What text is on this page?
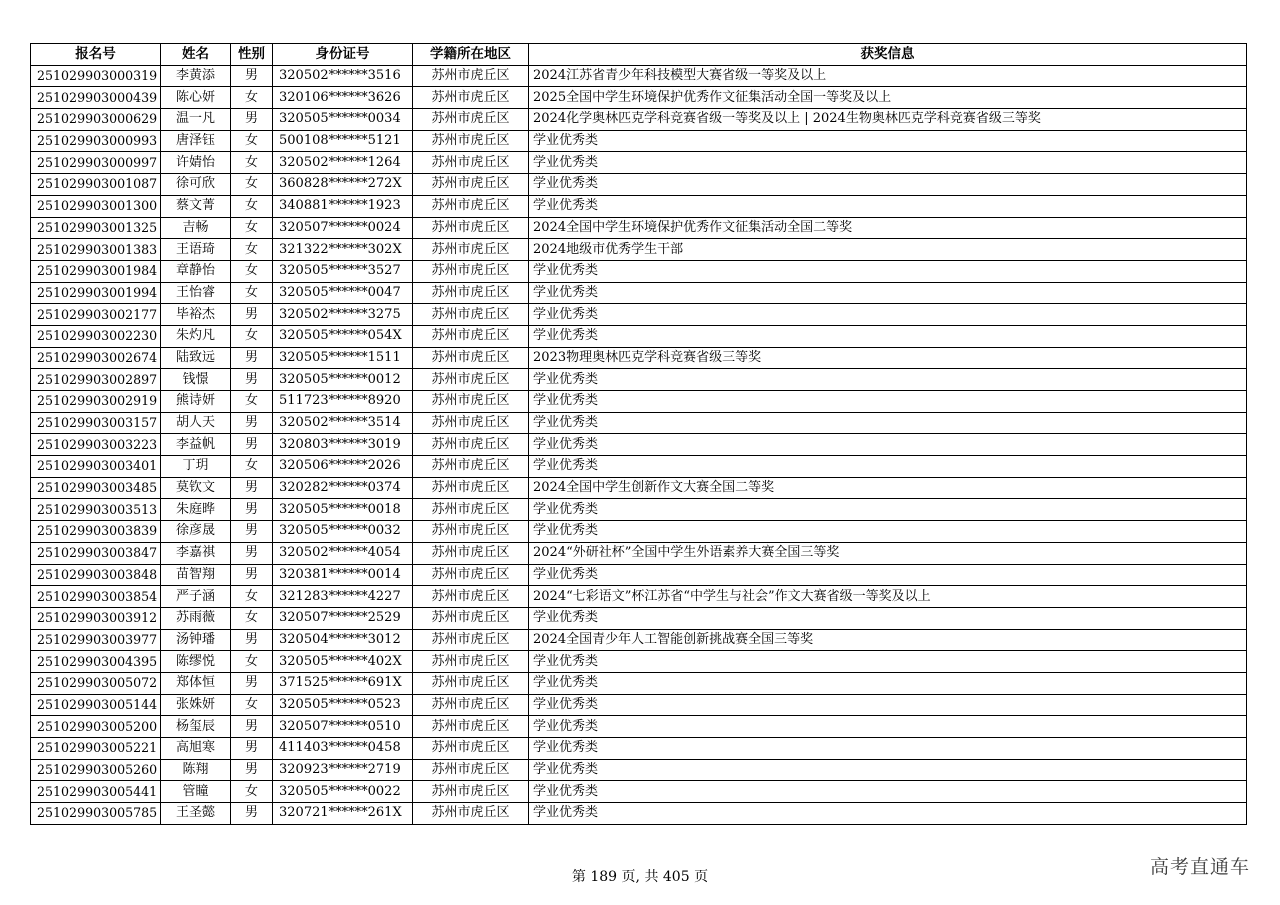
报名号	姓名	性别	身份证号	学籍所在地区	获奖信息
251029903000319	李黄添	男	320502******3516	苏州市虎丘区	2024江苏省青少年科技模型大赛省级一等奖及以上
251029903000439	陈心妍	女	320106******3626	苏州市虎丘区	2025全国中学生环境保护优秀作文征集活动全国一等奖及以上
251029903000629	温一凡	男	320505******0034	苏州市虎丘区	2024化学奥林匹克学科竞赛省级一等奖及以上 | 2024生物奥林匹克学科竞赛省级三等奖
251029903000993	唐泽钰	女	500108******5121	苏州市虎丘区	学业优秀类
251029903000997	许婧怡	女	320502******1264	苏州市虎丘区	学业优秀类
251029903001087	徐可欣	女	360828******272X	苏州市虎丘区	学业优秀类
251029903001300	蔡文菁	女	340881******1923	苏州市虎丘区	学业优秀类
251029903001325	吉畅	女	320507******0024	苏州市虎丘区	2024全国中学生环境保护优秀作文征集活动全国二等奖
251029903001383	王语琦	女	321322******302X	苏州市虎丘区	2024地级市优秀学生干部
251029903001984	章静怡	女	320505******3527	苏州市虎丘区	学业优秀类
251029903001994	王怡睿	女	320505******0047	苏州市虎丘区	学业优秀类
251029903002177	毕裕杰	男	320502******3275	苏州市虎丘区	学业优秀类
251029903002230	朱灼凡	女	320505******054X	苏州市虎丘区	学业优秀类
251029903002674	陆致远	男	320505******1511	苏州市虎丘区	2023物理奥林匹克学科竞赛省级三等奖
251029903002897	钱憬	男	320505******0012	苏州市虎丘区	学业优秀类
251029903002919	熊诗妍	女	511723******8920	苏州市虎丘区	学业优秀类
251029903003157	胡人天	男	320502******3514	苏州市虎丘区	学业优秀类
251029903003223	李益帆	男	320803******3019	苏州市虎丘区	学业优秀类
251029903003401	丁玥	女	320506******2026	苏州市虎丘区	学业优秀类
251029903003485	莫钦文	男	320282******0374	苏州市虎丘区	2024全国中学生创新作文大赛全国二等奖
251029903003513	朱庭晔	男	320505******0018	苏州市虎丘区	学业优秀类
251029903003839	徐彦晟	男	320505******0032	苏州市虎丘区	学业优秀类
251029903003847	李嘉祺	男	320502******4054	苏州市虎丘区	2024“外研社杯”全国中学生外语素养大赛全国三等奖
251029903003848	苗智翔	男	320381******0014	苏州市虎丘区	学业优秀类
251029903003854	严子涵	女	321283******4227	苏州市虎丘区	2024“七彩语文”杯江苏省“中学生与社会”作文大赛省级一等奖及以上
251029903003912	苏雨薇	女	320507******2529	苏州市虎丘区	学业优秀类
251029903003977	汤钟璠	男	320504******3012	苏州市虎丘区	2024全国青少年人工智能创新挑战赛全国三等奖
251029903004395	陈缪悦	女	320505******402X	苏州市虎丘区	学业优秀类
251029903005072	郑体恒	男	371525******691X	苏州市虎丘区	学业优秀类
251029903005144	张姝妍	女	320505******0523	苏州市虎丘区	学业优秀类
251029903005200	杨玺辰	男	320507******0510	苏州市虎丘区	学业优秀类
251029903005221	高旭寒	男	411403******0458	苏州市虎丘区	学业优秀类
251029903005260	陈翔	男	320923******2719	苏州市虎丘区	学业优秀类
251029903005441	管瞳	女	320505******0022	苏州市虎丘区	学业优秀类
251029903005785	王圣懿	男	320721******261X	苏州市虎丘区	学业优秀类
第 189 页, 共 405 页	高考直通车
